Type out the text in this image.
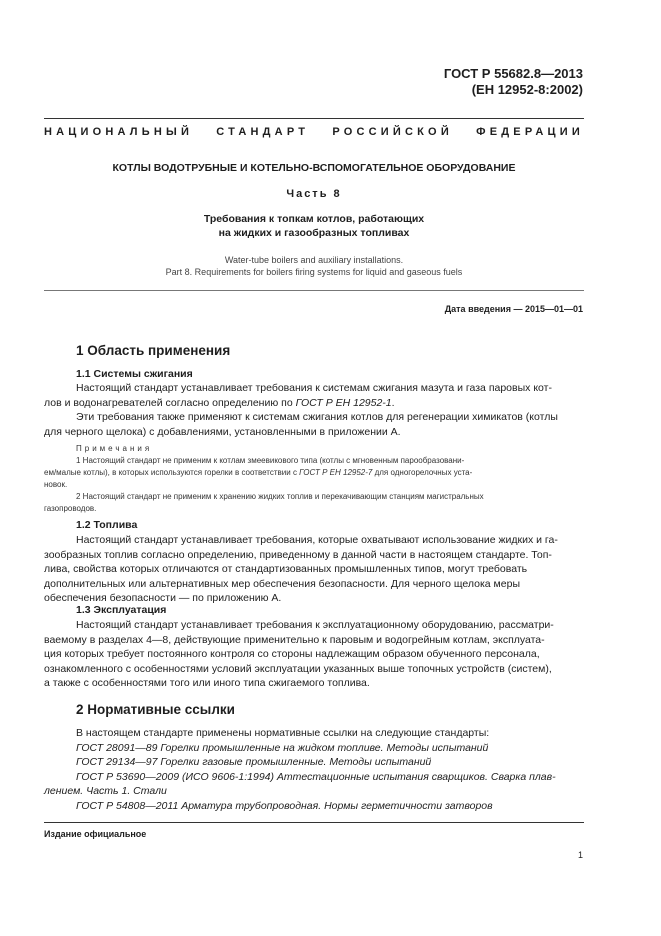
ГОСТ Р 55682.8—2013
(ЕН 12952-8:2002)
НАЦИОНАЛЬНЫЙ СТАНДАРТ РОССИЙСКОЙ ФЕДЕРАЦИИ
КОТЛЫ ВОДОТРУБНЫЕ И КОТЕЛЬНО-ВСПОМОГАТЕЛЬНОЕ ОБОРУДОВАНИЕ
Часть 8
Требования к топкам котлов, работающих
на жидких и газообразных топливах
Water-tube boilers and auxiliary installations.
Part 8. Requirements for boilers firing systems for liquid and gaseous fuels
Дата введения — 2015—01—01
1 Область применения
1.1 Системы сжигания
Настоящий стандарт устанавливает требования к системам сжигания мазута и газа паровых кот-
лов и водонагревателей согласно определению по ГОСТ Р ЕН 12952-1.
Эти требования также применяют к системам сжигания котлов для регенерации химикатов (котлы
для черного щелока) с добавлениями, установленными в приложении А.
Примечания
1 Настоящий стандарт не применим к котлам змеевикового типа (котлы с мгновенным парообразовани-
ем/малые котлы), в которых используются горелки в соответствии с ГОСТ Р ЕН 12952-7 для одногорелочных уста-
новок.
2 Настоящий стандарт не применим к хранению жидких топлив и перекачивающим станциям магистральных
газопроводов.
1.2 Топлива
Настоящий стандарт устанавливает требования, которые охватывают использование жидких и га-
зообразных топлив согласно определению, приведенному в данной части в настоящем стандарте. Топ-
лива, свойства которых отличаются от стандартизованных промышленных типов, могут требовать
дополнительных или альтернативных мер обеспечения безопасности. Для черного щелока меры
обеспечения безопасности — по приложению А.
1.3 Эксплуатация
Настоящий стандарт устанавливает требования к эксплуатационному оборудованию, рассматри-
ваемому в разделах 4—8, действующие применительно к паровым и водогрейным котлам, эксплуата-
ция которых требует постоянного контроля со стороны надлежащим образом обученного персонала,
ознакомленного с особенностями условий эксплуатации указанных выше топочных устройств (систем),
а также с особенностями того или иного типа сжигаемого топлива.
2 Нормативные ссылки
В настоящем стандарте применены нормативные ссылки на следующие стандарты:
ГОСТ 28091—89 Горелки промышленные на жидком топливе. Методы испытаний
ГОСТ 29134—97 Горелки газовые промышленные. Методы испытаний
ГОСТ Р 53690—2009 (ИСО 9606-1:1994) Аттестационные испытания сварщиков. Сварка плав-
лением. Часть 1. Стали
ГОСТ Р 54808—2011 Арматура трубопроводная. Нормы герметичности затворов
Издание официальное
1
